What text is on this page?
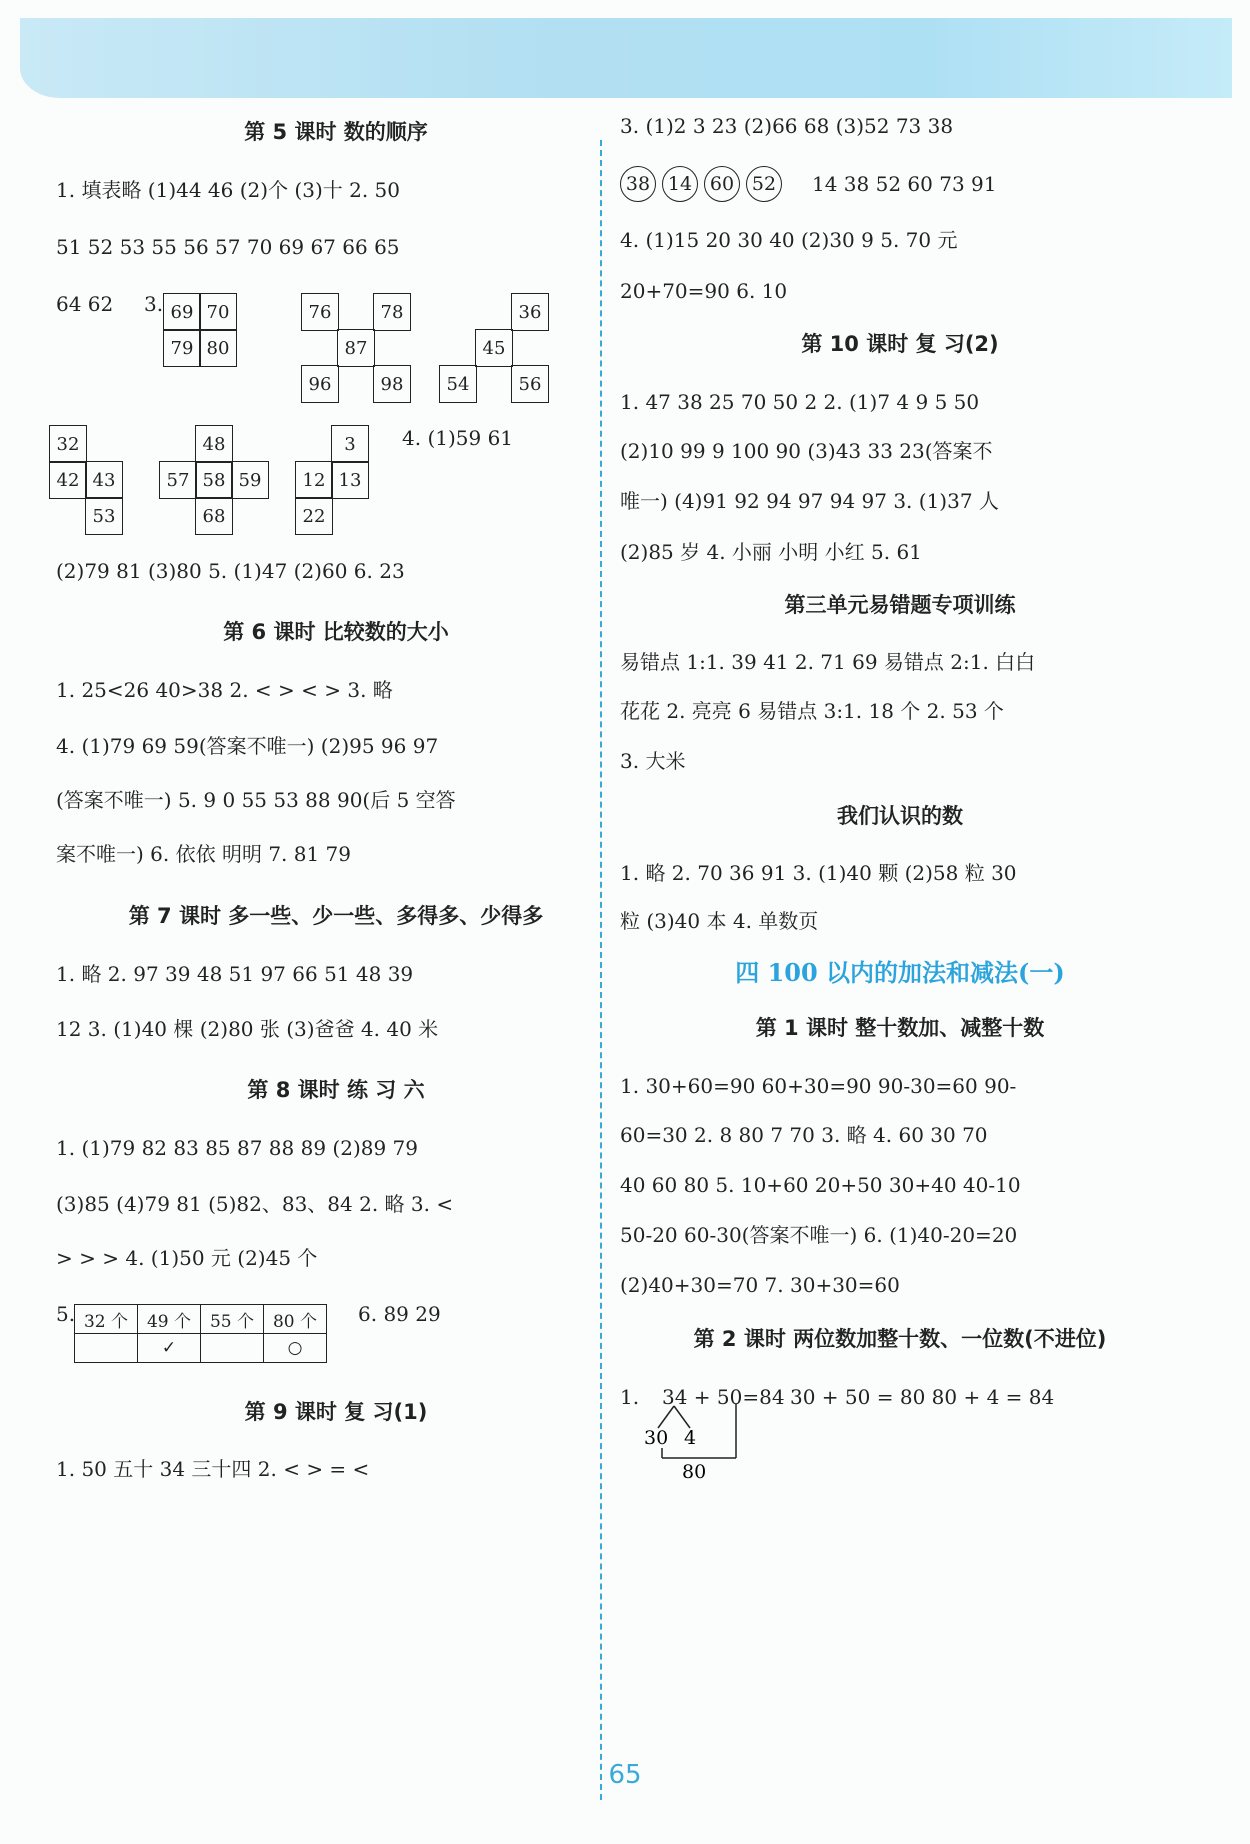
第 5 课时 数的顺序
1. 填表略 (1)44 46 (2)个 (3)十 2. 50
51 52 53 55 56 57 70 69 67 66 65
64 62 3. 69 70
79 80
76	78
87
96	98
36
45
54	56
32
42 43
53
48
57 58 59
68
3
12 13
22
4. (1)59 61
(2)79 81 (3)80 5. (1)47 (2)60 6. 23
第 6 课时 比较数的大小
1. 25<26 40>38 2. < > < > 3. 略
4. (1)79 69 59(答案不唯一) (2)95 96 97
(答案不唯一) 5. 9 0 55 53 88 90(后 5 空答
案不唯一) 6. 依依 明明 7. 81 79
第 7 课时 多一些、少一些、多得多、少得多
1. 略 2. 97 39 48 51 97 66 51 48 39
12 3. (1)40 棵 (2)80 张 (3)爸爸 4. 40 米
第 8 课时 练 习 六
1. (1)79 82 83 85 87 88 89 (2)89 79
(3)85 (4)79 81 (5)82、83、84 2. 略 3. <
> > > 4. (1)50 元 (2)45 个
5. 32 个	49 个	55 个	80 个
	✓		○
6. 89 29
第 9 课时 复 习(1)
1. 50 五十 34 三十四 2. < > = <
3. (1)2 3 23 (2)66 68 (3)52 73 38
38 14 60 52	14 38 52 60 73 91
4. (1)15 20 30 40 (2)30 9 5. 70 元
20+70=90 6. 10
第 10 课时 复 习(2)
1. 47 38 25 70 50 2 2. (1)7 4 9 5 50
(2)10 99 9 100 90 (3)43 33 23(答案不
唯一) (4)91 92 94 97 94 97 3. (1)37 人
(2)85 岁 4. 小丽 小明 小红 5. 61
第三单元易错题专项训练
易错点 1:1. 39 41 2. 71 69 易错点 2:1. 白白
花花 2. 亮亮 6 易错点 3:1. 18 个 2. 53 个
3. 大米
我们认识的数
1. 略 2. 70 36 91 3. (1)40 颗 (2)58 粒 30
粒 (3)40 本 4. 单数页
四 100 以内的加法和减法(一)
第 1 课时 整十数加、减整十数
1. 30+60=90 60+30=90 90-30=60 90-
60=30 2. 8 80 7 70 3. 略 4. 60 30 70
40 60 80 5. 10+60 20+50 30+40 40-10
50-20 60-30(答案不唯一) 6. (1)40-20=20
(2)40+30=70 7. 30+30=60
第 2 课时 两位数加整十数、一位数(不进位)
1. 34 + 50=84 30 + 50 = 80 80 + 4 = 84
30 4
80
65
